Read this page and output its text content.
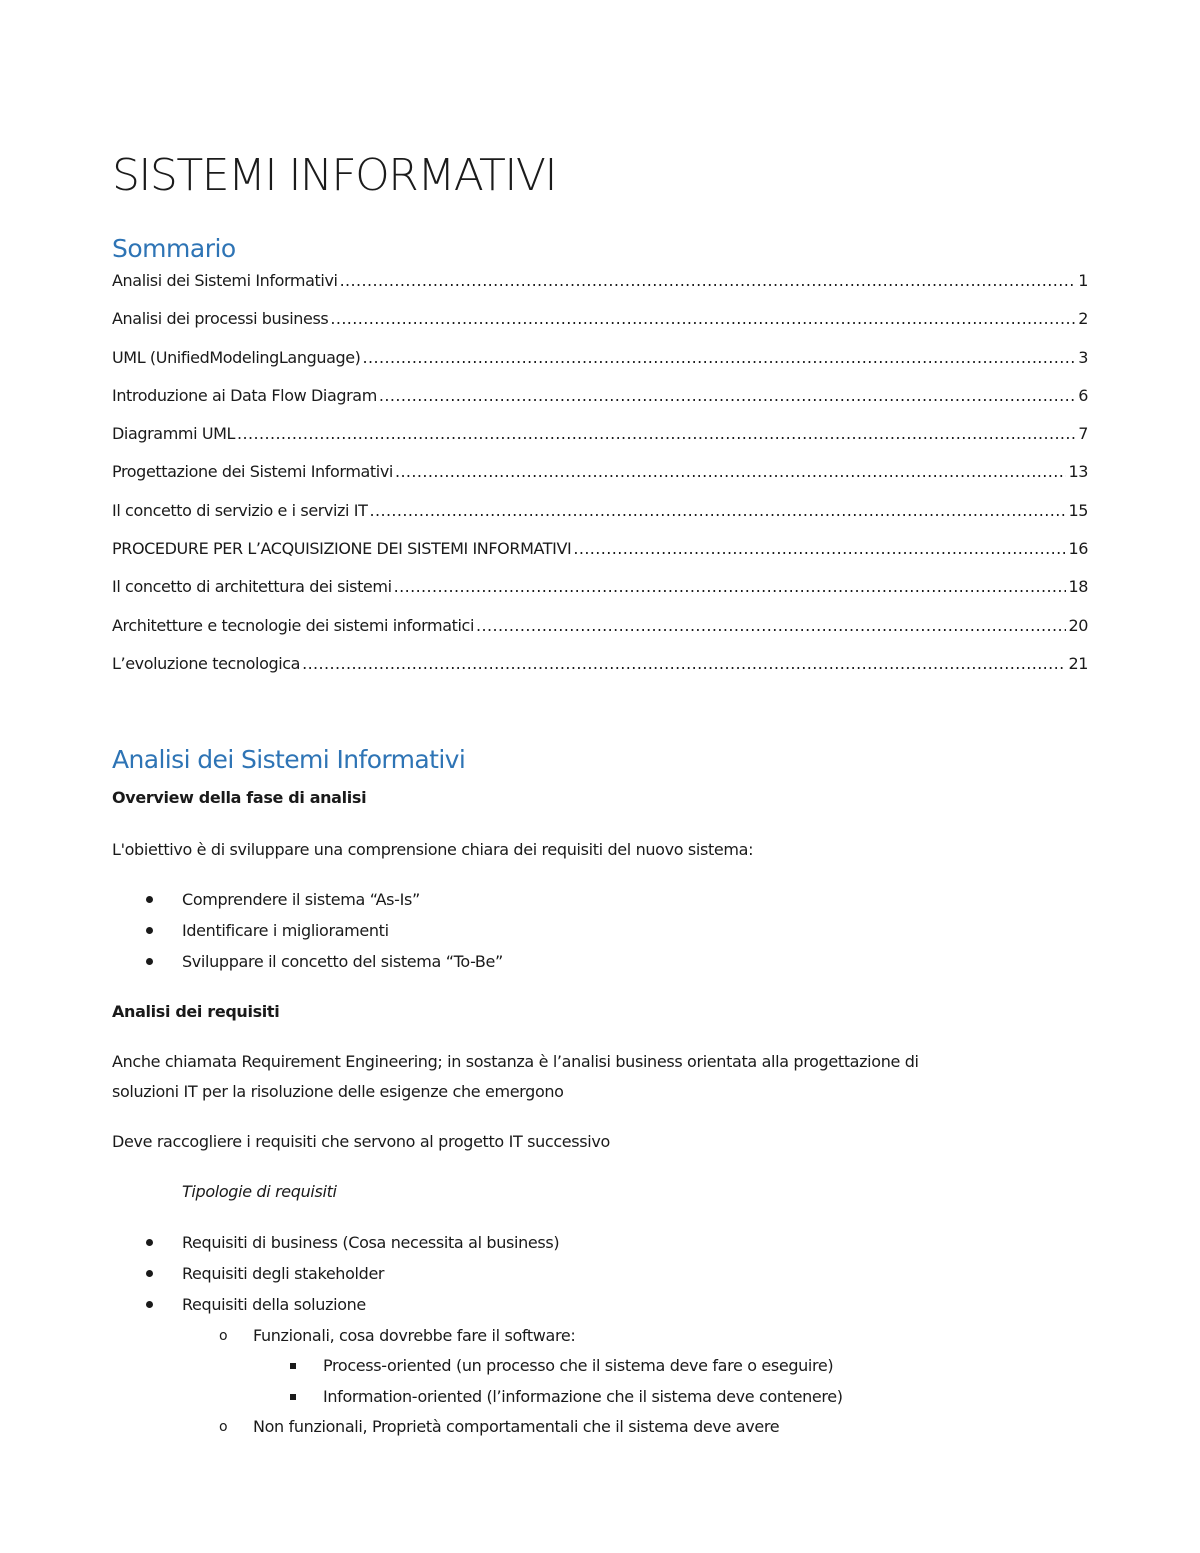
SISTEMI INFORMATIVI
Sommario
Analisi dei Sistemi Informativi .....	1
Analisi dei processi business .....	2
UML (UnifiedModelingLanguage) .....	3
Introduzione ai Data Flow Diagram .....	6
Diagrammi UML .....	7
Progettazione dei Sistemi Informativi .....	13
Il concetto di servizio e i servizi IT .....	15
PROCEDURE PER L’ACQUISIZIONE DEI SISTEMI INFORMATIVI .....	16
Il concetto di architettura dei sistemi .....	18
Architetture e tecnologie dei sistemi informatici .....	20
L’evoluzione tecnologica .....	21
Analisi dei Sistemi Informativi

Overview della fase di analisi

L'obiettivo è di sviluppare una comprensione chiara dei requisiti del nuovo sistema:

Comprendere il sistema “As-Is”
Identificare i miglioramenti
Sviluppare il concetto del sistema “To-Be”

Analisi dei requisiti

Anche chiamata Requirement Engineering; in sostanza è l’analisi business orientata alla progettazione di

soluzioni IT per la risoluzione delle esigenze che emergono

Deve raccogliere i requisiti che servono al progetto IT successivo

Tipologie di requisiti

Requisiti di business (Cosa necessita al business)
Requisiti degli stakeholder
Requisiti della soluzione
o Funzionali, cosa dovrebbe fare il software:
Process-oriented (un processo che il sistema deve fare o eseguire)
Information-oriented (l’informazione che il sistema deve contenere)
o Non funzionali, Proprietà comportamentali che il sistema deve avere
